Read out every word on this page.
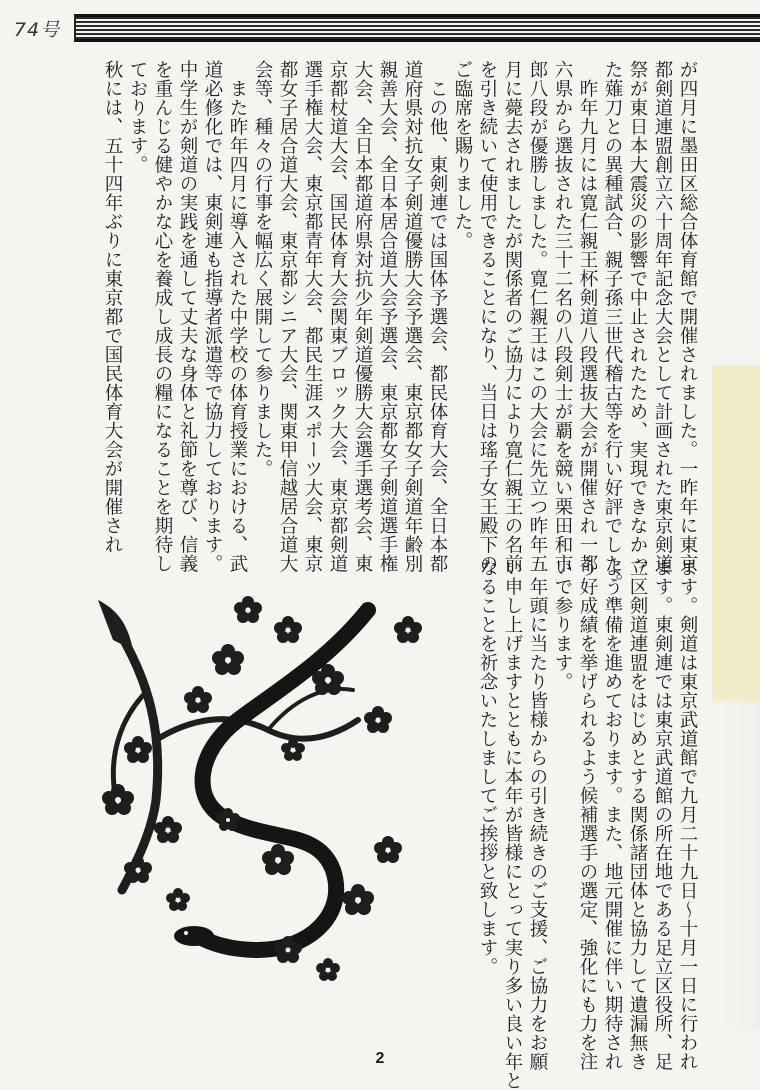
74号

が四月に墨田区総合体育館で開催されました。一昨年に東京

都剣道連盟創立六十周年記念大会として計画された東京剣道

祭が東日本大震災の影響で中止されたため、実現できなかっ

た薙刀との異種試合、親子孫三世代稽古等を行い好評でした。

　昨年九月には寛仁親王杯剣道八段選抜大会が開催され一都

六県から選抜された三十二名の八段剣士が覇を競い栗田和市

郎八段が優勝しました。寛仁親王はこの大会に先立つ昨年五

月に薨去されましたが関係者のご協力により寛仁親王の名前

を引き続いて使用できることになり、当日は瑤子女王殿下の

ご臨席を賜りました。

　この他、東剣連では国体予選会、都民体育大会、全日本都

道府県対抗女子剣道優勝大会予選会、東京都女子剣道年齢別

親善大会、全日本居合道大会予選会、東京都女子剣道選手権

大会、全日本都道府県対抗少年剣道優勝大会選手選考会、東

京都杖道大会、国民体育大会関東ブロック大会、東京都剣道

選手権大会、東京都青年大会、都民生涯スポーツ大会、東京

都女子居合道大会、東京都シニア大会、関東甲信越居合道大

会等、種々の行事を幅広く展開して参りました。

　また昨年四月に導入された中学校の体育授業における、武

道必修化では、東剣連も指導者派遣等で協力しております。

中学生が剣道の実践を通して丈夫な身体と礼節を尊び、信義

を重んじる健やかな心を養成し成長の糧になることを期待し

ております。

秋には、五十四年ぶりに東京都で国民体育大会が開催され

ます。剣道は東京武道館で九月二十九日～十月一日に行われ

ます。東剣連では東京武道館の所在地である足立区役所、足

立区剣道連盟をはじめとする関係諸団体と協力して遺漏無き

よう準備を進めております。また、地元開催に伴い期待され

う好成績を挙げられるよう候補選手の選定、強化にも力を注

いで参ります。

　年頭に当たり皆様からの引き続きのご支援、ご協力をお願

い申し上げますとともに本年が皆様にとって実り多い良い年と

なることを祈念いたしましてご挨拶と致します。

2
